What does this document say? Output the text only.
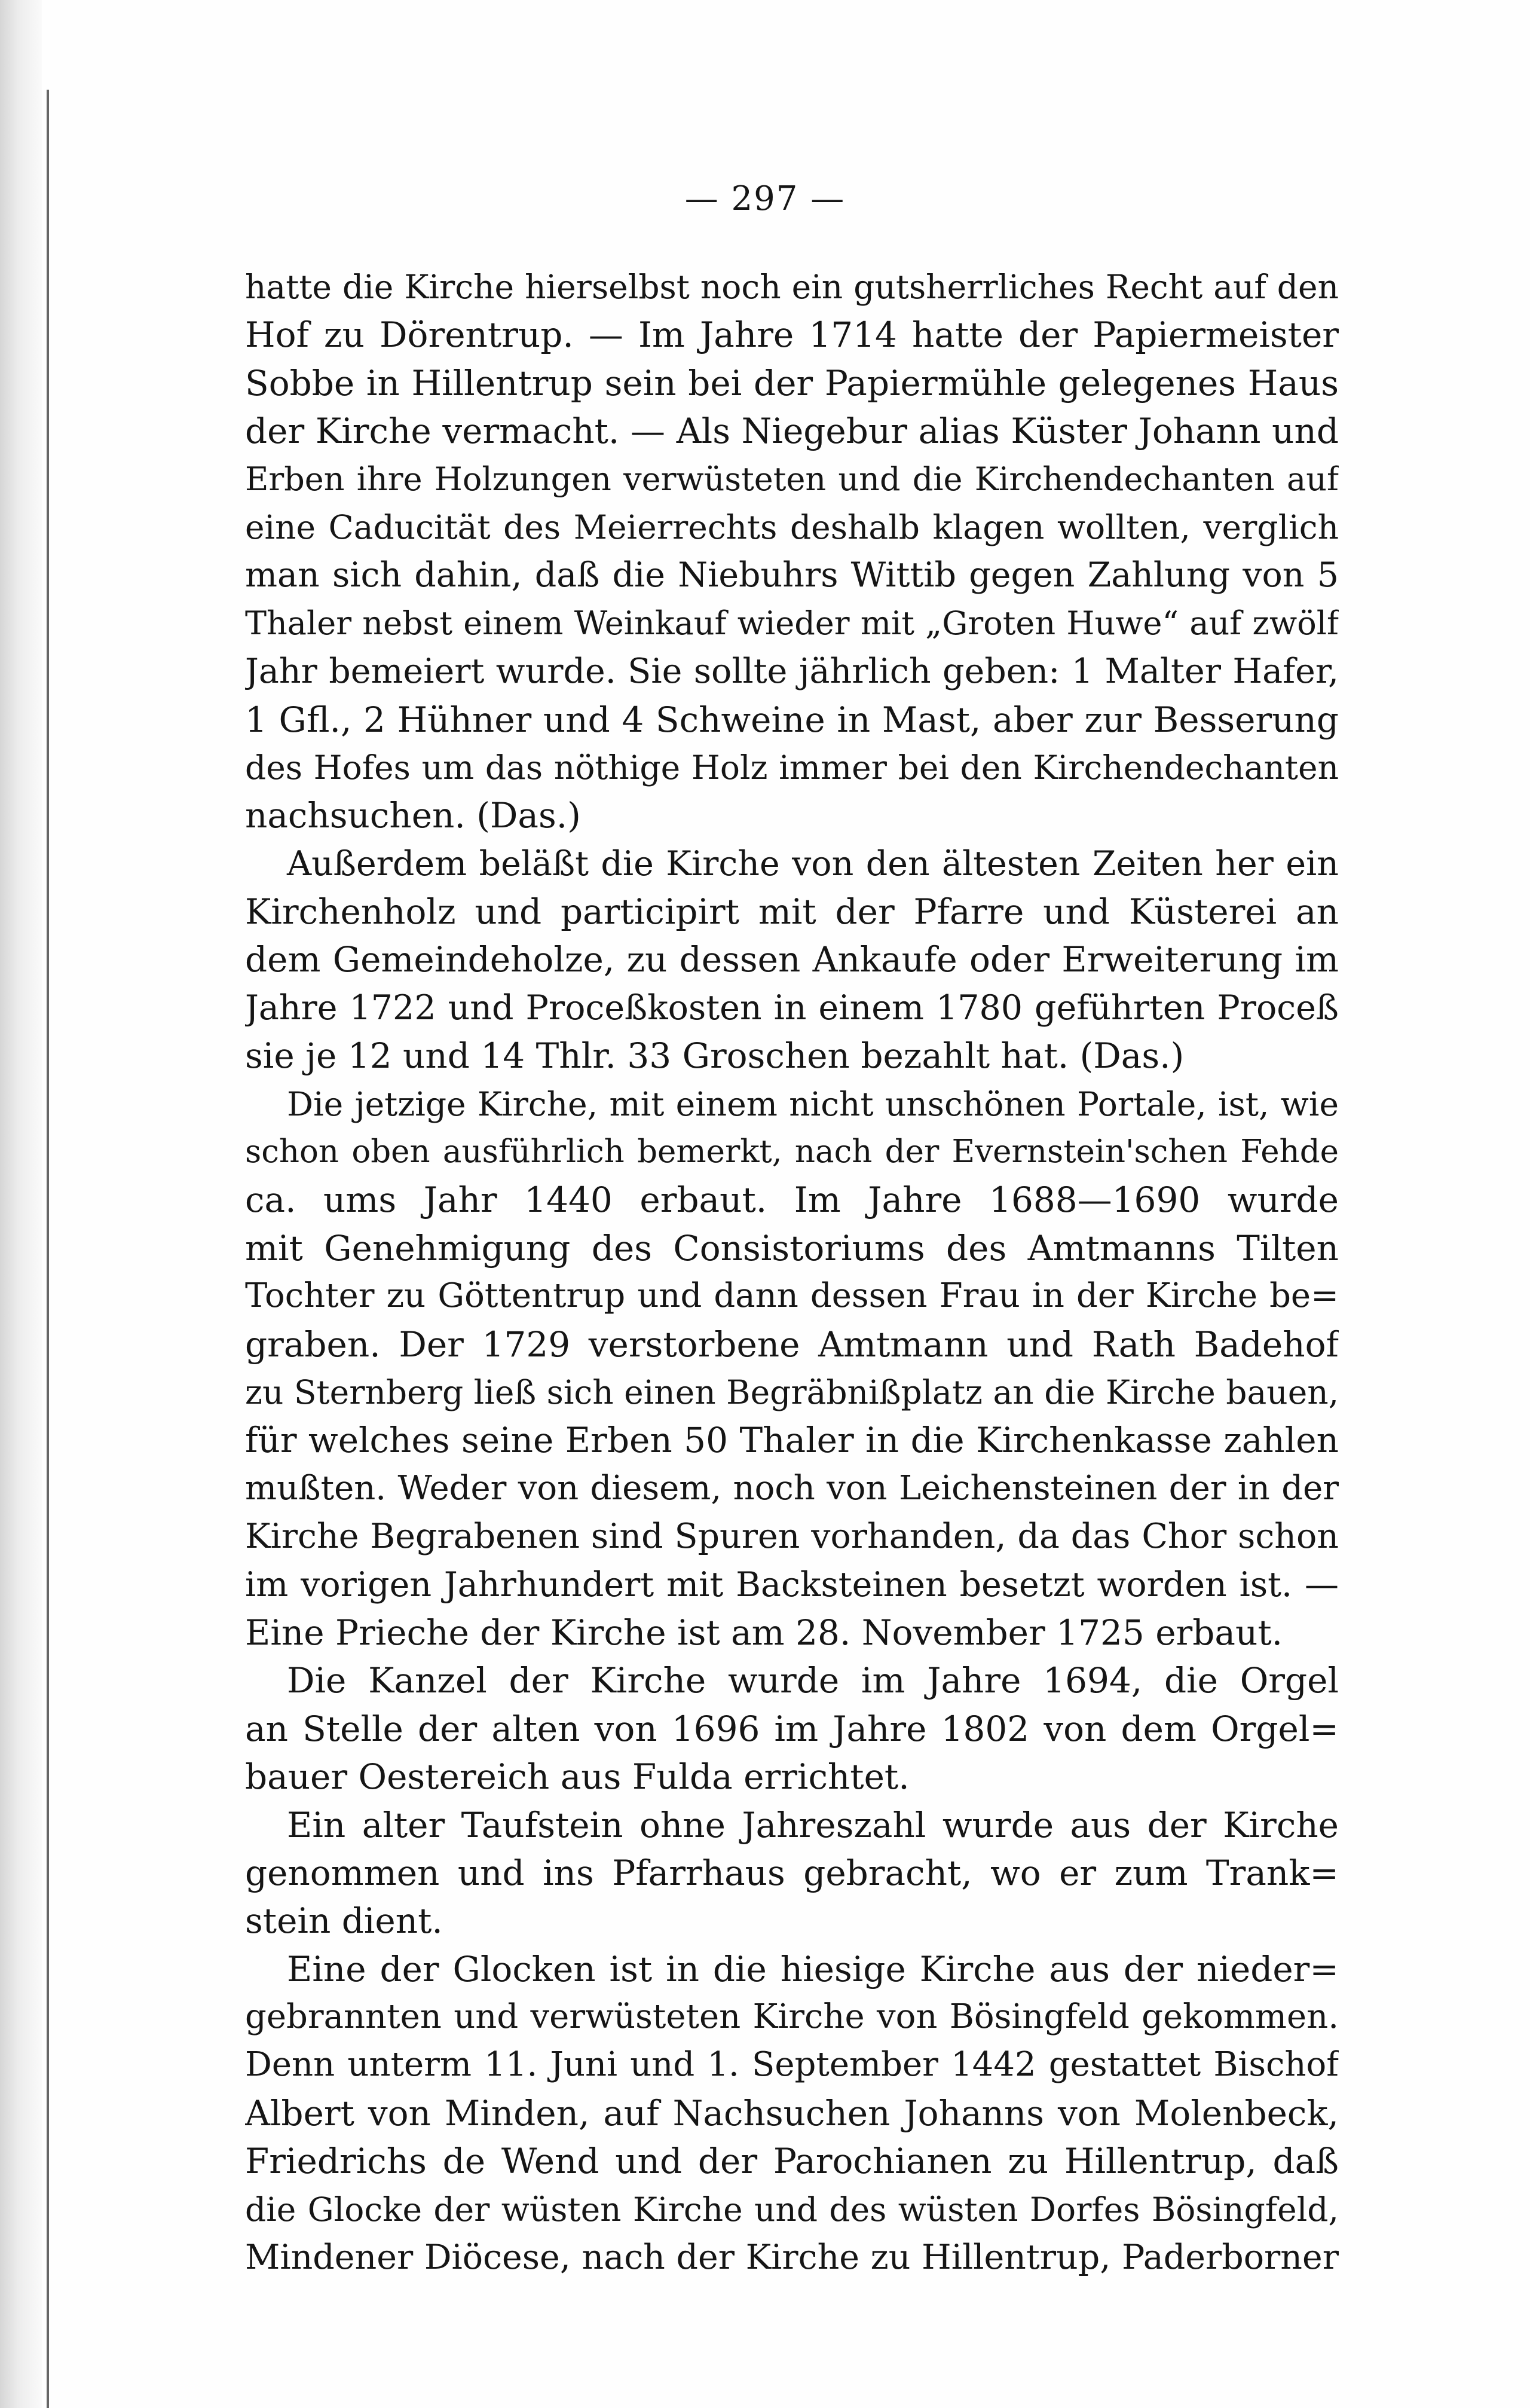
— 297 —
hatte die Kirche hierselbst noch ein gutsherrliches Recht auf den
Hof zu Dörentrup. — Im Jahre 1714 hatte der Papiermeister
Sobbe in Hillentrup sein bei der Papiermühle gelegenes Haus
der Kirche vermacht. — Als Niegebur alias Küster Johann und
Erben ihre Holzungen verwüsteten und die Kirchendechanten auf
eine Caducität des Meierrechts deshalb klagen wollten, verglich
man sich dahin, daß die Niebuhrs Wittib gegen Zahlung von 5
Thaler nebst einem Weinkauf wieder mit „Groten Huwe“ auf zwölf
Jahr bemeiert wurde. Sie sollte jährlich geben: 1 Malter Hafer,
1 Gfl., 2 Hühner und 4 Schweine in Mast, aber zur Besserung
des Hofes um das nöthige Holz immer bei den Kirchendechanten
nachsuchen. (Das.)
Außerdem beläßt die Kirche von den ältesten Zeiten her ein
Kirchenholz und participirt mit der Pfarre und Küsterei an
dem Gemeindeholze, zu dessen Ankaufe oder Erweiterung im
Jahre 1722 und Proceßkosten in einem 1780 geführten Proceß
sie je 12 und 14 Thlr. 33 Groschen bezahlt hat. (Das.)
Die jetzige Kirche, mit einem nicht unschönen Portale, ist, wie
schon oben ausführlich bemerkt, nach der Evernstein'schen Fehde
ca. ums Jahr 1440 erbaut. Im Jahre 1688—1690 wurde
mit Genehmigung des Consistoriums des Amtmanns Tilten
Tochter zu Göttentrup und dann dessen Frau in der Kirche be=
graben. Der 1729 verstorbene Amtmann und Rath Badehof
zu Sternberg ließ sich einen Begräbnißplatz an die Kirche bauen,
für welches seine Erben 50 Thaler in die Kirchenkasse zahlen
mußten. Weder von diesem, noch von Leichensteinen der in der
Kirche Begrabenen sind Spuren vorhanden, da das Chor schon
im vorigen Jahrhundert mit Backsteinen besetzt worden ist. —
Eine Prieche der Kirche ist am 28. November 1725 erbaut.
Die Kanzel der Kirche wurde im Jahre 1694, die Orgel
an Stelle der alten von 1696 im Jahre 1802 von dem Orgel=
bauer Oestereich aus Fulda errichtet.
Ein alter Taufstein ohne Jahreszahl wurde aus der Kirche
genommen und ins Pfarrhaus gebracht, wo er zum Trank=
stein dient.
Eine der Glocken ist in die hiesige Kirche aus der nieder=
gebrannten und verwüsteten Kirche von Bösingfeld gekommen.
Denn unterm 11. Juni und 1. September 1442 gestattet Bischof
Albert von Minden, auf Nachsuchen Johanns von Molenbeck,
Friedrichs de Wend und der Parochianen zu Hillentrup, daß
die Glocke der wüsten Kirche und des wüsten Dorfes Bösingfeld,
Mindener Diöcese, nach der Kirche zu Hillentrup, Paderborner
